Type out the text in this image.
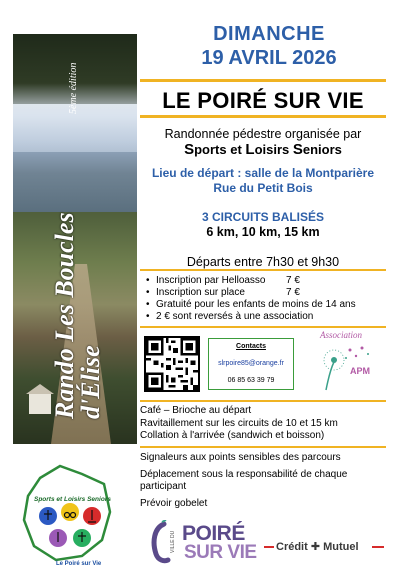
Rando Les Boucles d'Élise
5ème édition
DIMANCHE
19 AVRIL 2026
LE POIRÉ SUR VIE
Randonnée pédestre organisée par
Sports et Loisirs Seniors
Lieu de départ : salle de la Montparière
Rue du Petit Bois
3 CIRCUITS BALISÉS
6 km, 10 km, 15 km
Départs entre 7h30 et 9h30
• Inscription par Helloasso 7 €
• Inscription sur place	7 €
• Gratuité pour les enfants de moins de 14 ans
• 2 € sont reversés à une association
Contacts
slrpoire85@orange.fr
06 85 63 39 79
Association
APM
Café – Brioche au départ
Ravitaillement sur les circuits de 10 et 15 km
Collation à l'arrivée (sandwich et boisson)

Signaleurs aux points sensibles des parcours

Déplacement sous la responsabilité de chaque participant

Prévoir gobelet

Sports et Loisirs Seniors
Le Poiré sur Vie
VILLE DU POIRÉ
SUR VIE Crédit ✚ Mutuel
